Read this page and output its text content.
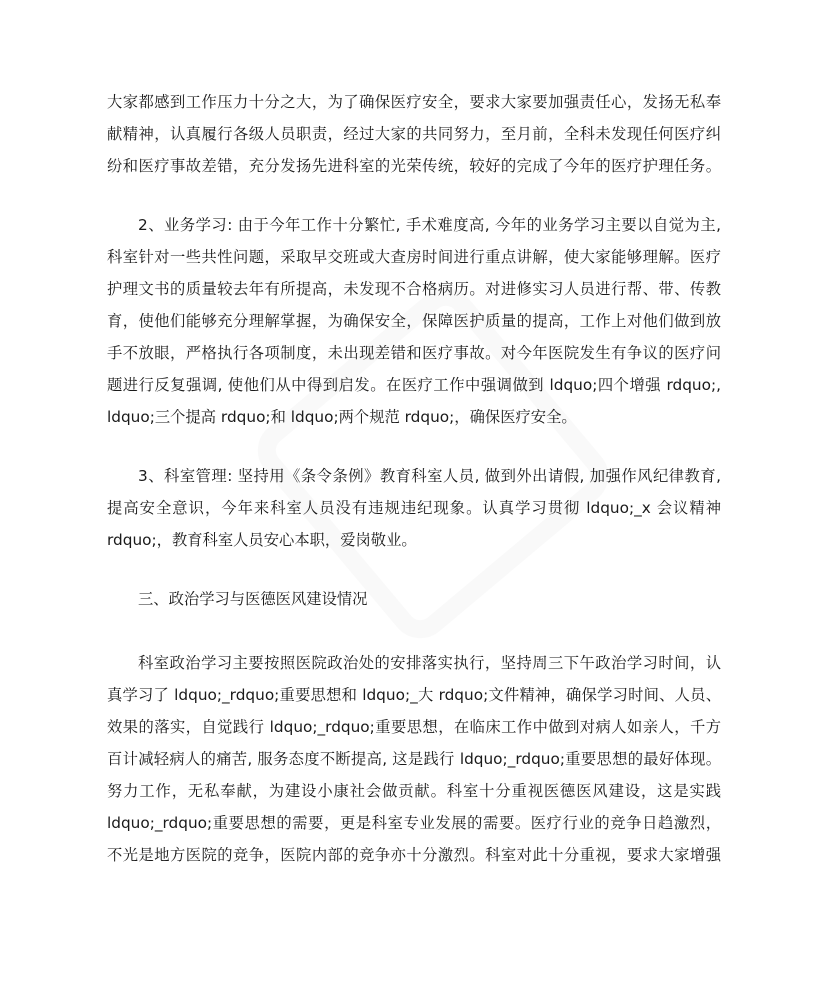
大家都感到工作压力十分之大，为了确保医疗安全，要求大家要加强责任心，发扬无私奉
献精神，认真履行各级人员职责，经过大家的共同努力，至月前，全科未发现任何医疗纠
纷和医疗事故差错，充分发扬先进科室的光荣传统，较好的完成了今年的医疗护理任务。
2、业务学习: 由于今年工作十分繁忙, 手术难度高, 今年的业务学习主要以自觉为主,
科室针对一些共性问题，采取早交班或大查房时间进行重点讲解，使大家能够理解。医疗
护理文书的质量较去年有所提高，未发现不合格病历。对进修实习人员进行帮、带、传教
育，使他们能够充分理解掌握，为确保安全，保障医护质量的提高，工作上对他们做到放
手不放眼，严格执行各项制度，未出现差错和医疗事故。对今年医院发生有争议的医疗问
题进行反复强调, 使他们从中得到启发。在医疗工作中强调做到 ldquo;四个增强 rdquo;,
ldquo;三个提高 rdquo;和 ldquo;两个规范 rdquo;，确保医疗安全。
3、科室管理: 坚持用《条令条例》教育科室人员, 做到外出请假, 加强作风纪律教育,
提高安全意识，今年来科室人员没有违规违纪现象。认真学习贯彻 ldquo;_x 会议精神
rdquo;，教育科室人员安心本职，爱岗敬业。
三、政治学习与医德医风建设情况
科室政治学习主要按照医院政治处的安排落实执行，坚持周三下午政治学习时间，认
真学习了 ldquo;_rdquo;重要思想和 ldquo;_大 rdquo;文件精神，确保学习时间、人员、
效果的落实，自觉践行 ldquo;_rdquo;重要思想，在临床工作中做到对病人如亲人，千方
百计减轻病人的痛苦, 服务态度不断提高, 这是践行 ldquo;_rdquo;重要思想的最好体现。
努力工作，无私奉献，为建设小康社会做贡献。科室十分重视医德医风建设，这是实践
ldquo;_rdquo;重要思想的需要，更是科室专业发展的需要。医疗行业的竞争日趋激烈，
不光是地方医院的竞争，医院内部的竞争亦十分激烈。科室对此十分重视，要求大家增强
